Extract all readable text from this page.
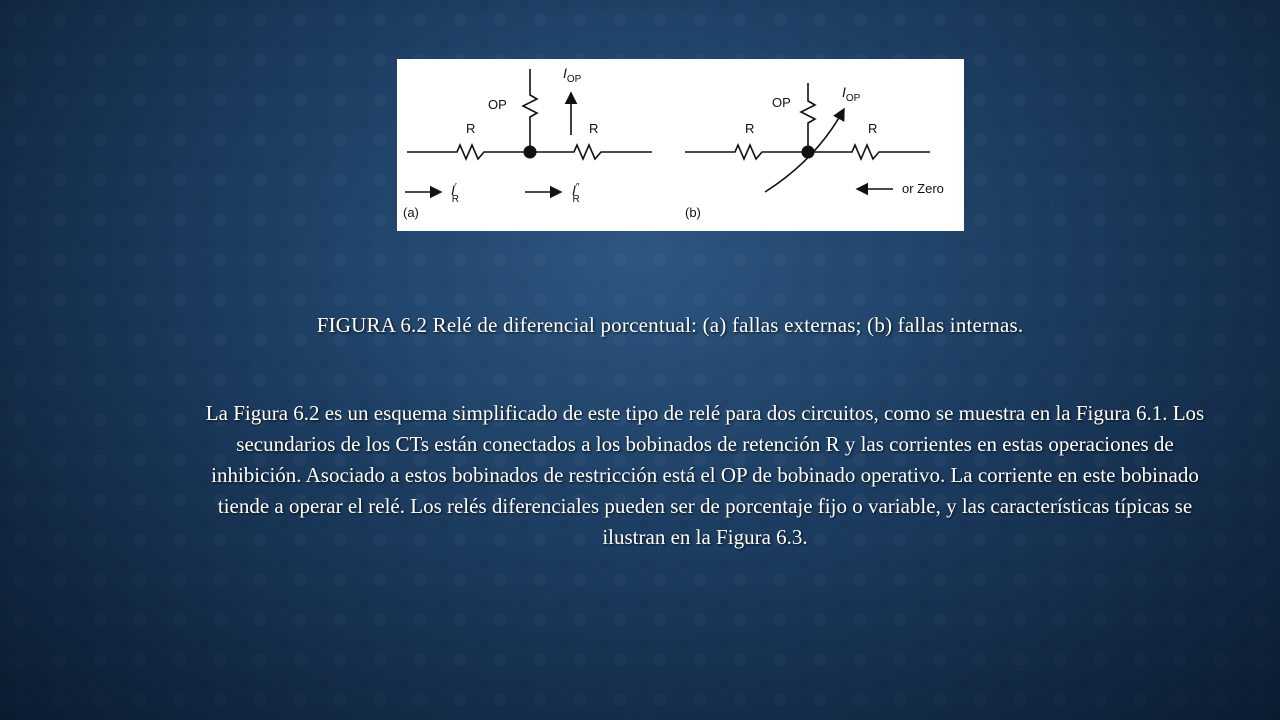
$I_{OP}$
OP
R	R
I′ R
I″ R
(a)
$I_{OP}$
OP
R	R
or Zero
(b)
FIGURA 6.2 Relé de diferencial porcentual: (a) fallas externas; (b) fallas internas.
La Figura 6.2 es un esquema simplificado de este tipo de relé para dos circuitos, como se muestra en la Figura 6.1. Los secundarios de los CTs están conectados a los bobinados de retención R y las corrientes en estas operaciones de inhibición. Asociado a estos bobinados de restricción está el OP de bobinado operativo. La corriente en este bobinado tiende a operar el relé. Los relés diferenciales pueden ser de porcentaje fijo o variable, y las características típicas se ilustran en la Figura 6.3.
